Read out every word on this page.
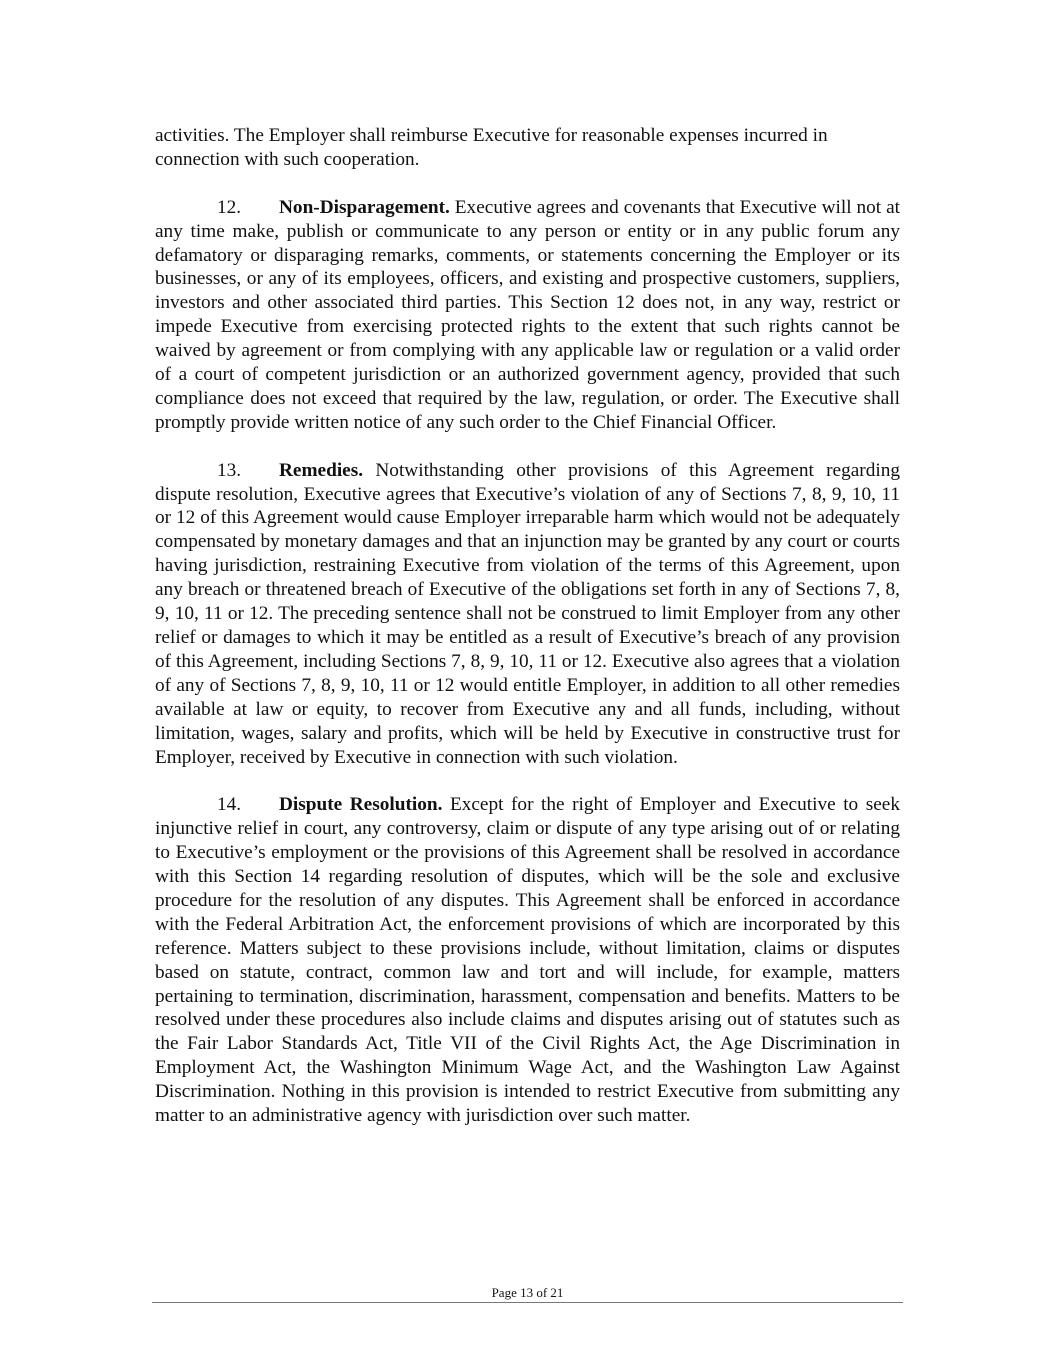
activities. The Employer shall reimburse Executive for reasonable expenses incurred in connection with such cooperation.

12. Non-Disparagement. Executive agrees and covenants that Executive will not at any time make, publish or communicate to any person or entity or in any public forum any defamatory or disparaging remarks, comments, or statements concerning the Employer or its businesses, or any of its employees, officers, and existing and prospective customers, suppliers, investors and other associated third parties. This Section 12 does not, in any way, restrict or impede Executive from exercising protected rights to the extent that such rights cannot be waived by agreement or from complying with any applicable law or regulation or a valid order of a court of competent jurisdiction or an authorized government agency, provided that such compliance does not exceed that required by the law, regulation, or order. The Executive shall promptly provide written notice of any such order to the Chief Financial Officer.

13. Remedies. Notwithstanding other provisions of this Agreement regarding dispute resolution, Executive agrees that Executive’s violation of any of Sections 7, 8, 9, 10, 11 or 12 of this Agreement would cause Employer irreparable harm which would not be adequately compensated by monetary damages and that an injunction may be granted by any court or courts having jurisdiction, restraining Executive from violation of the terms of this Agreement, upon any breach or threatened breach of Executive of the obligations set forth in any of Sections 7, 8, 9, 10, 11 or 12. The preceding sentence shall not be construed to limit Employer from any other relief or damages to which it may be entitled as a result of Executive’s breach of any provision of this Agreement, including Sections 7, 8, 9, 10, 11 or 12. Executive also agrees that a violation of any of Sections 7, 8, 9, 10, 11 or 12 would entitle Employer, in addition to all other remedies available at law or equity, to recover from Executive any and all funds, including, without limitation, wages, salary and profits, which will be held by Executive in constructive trust for Employer, received by Executive in connection with such violation.

14. Dispute Resolution. Except for the right of Employer and Executive to seek injunctive relief in court, any controversy, claim or dispute of any type arising out of or relating to Executive’s employment or the provisions of this Agreement shall be resolved in accordance with this Section 14 regarding resolution of disputes, which will be the sole and exclusive procedure for the resolution of any disputes. This Agreement shall be enforced in accordance with the Federal Arbitration Act, the enforcement provisions of which are incorporated by this reference. Matters subject to these provisions include, without limitation, claims or disputes based on statute, contract, common law and tort and will include, for example, matters pertaining to termination, discrimination, harassment, compensation and benefits. Matters to be resolved under these procedures also include claims and disputes arising out of statutes such as the Fair Labor Standards Act, Title VII of the Civil Rights Act, the Age Discrimination in Employment Act, the Washington Minimum Wage Act, and the Washington Law Against Discrimination. Nothing in this provision is intended to restrict Executive from submitting any matter to an administrative agency with jurisdiction over such matter.

Page 13 of 21
